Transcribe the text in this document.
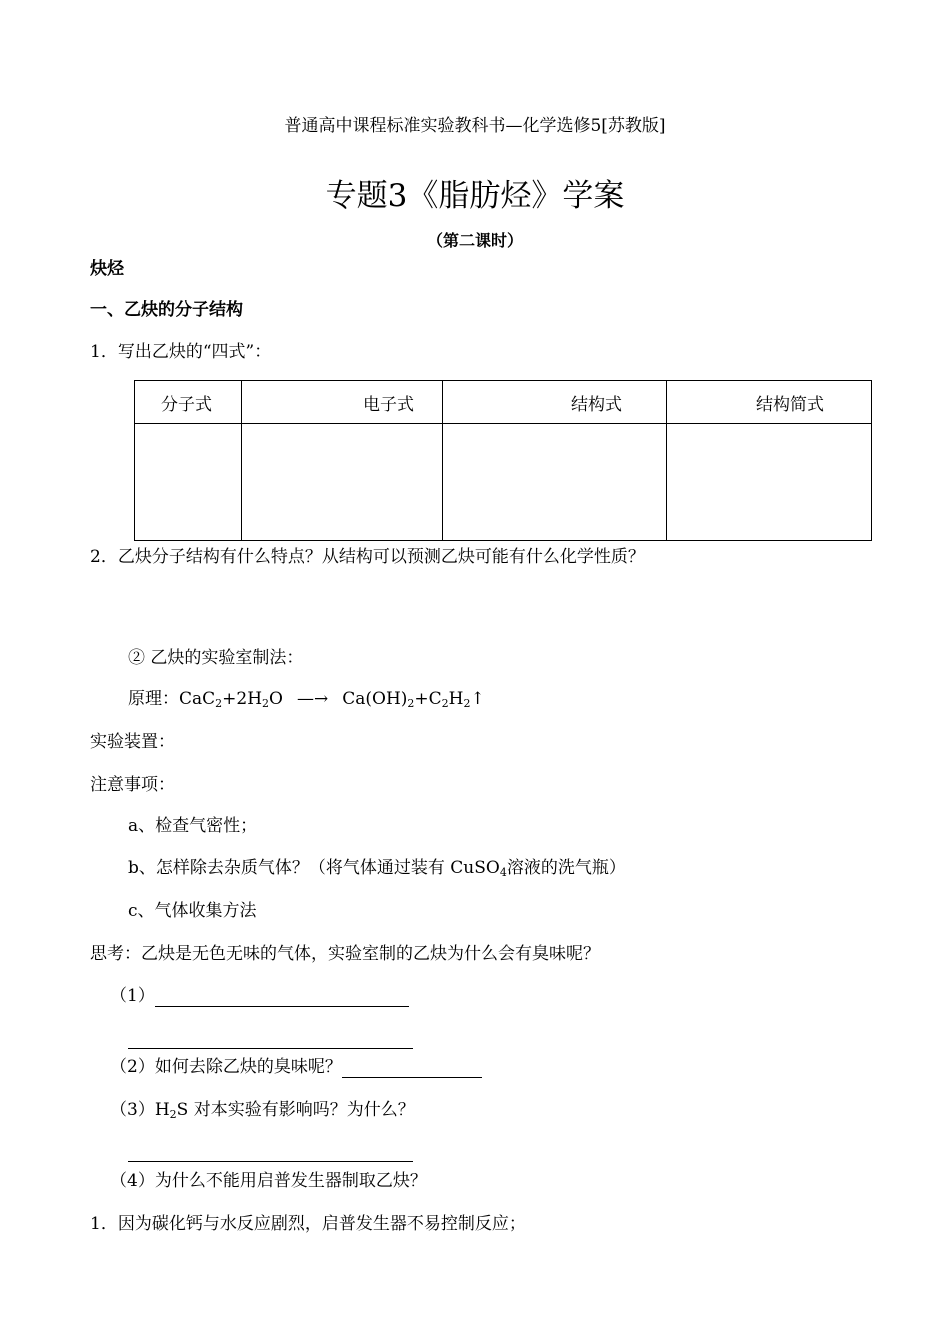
普通高中课程标准实验教科书—化学选修5[苏教版]
专题3《脂肪烃》学案
（第二课时）
炔烃
一、乙炔的分子结构
1．写出乙炔的“四式”：
分子式	电子式	结构式	结构简式

2．乙炔分子结构有什么特点？从结构可以预测乙炔可能有什么化学性质？
② 乙炔的实验室制法：
原理：$CaC_2+2H_2O$ —→ $Ca(OH)_2+C_2H_2↑$
实验装置：
注意事项：
a、检查气密性；
b、怎样除去杂质气体？（将气体通过装有 CuSO$_4$溶液的洗气瓶）
c、气体收集方法
思考：乙炔是无色无味的气体，实验室制的乙炔为什么会有臭味呢？
（1）
（2）如何去除乙炔的臭味呢？
$(3)H_2S$ 对本实验有影响吗？为什么？
（4）为什么不能用启普发生器制取乙炔？
1．因为碳化钙与水反应剧烈，启普发生器不易控制反应；
